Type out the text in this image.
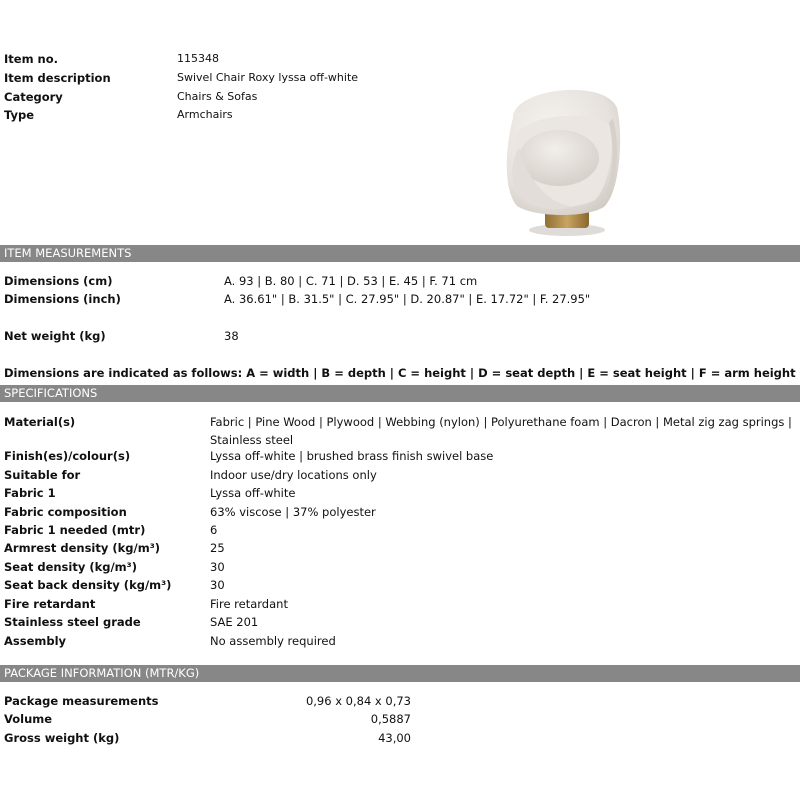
Item no.	115348
Item description	Swivel Chair Roxy lyssa off-white
Category	Chairs & Sofas
Type	Armchairs
ITEM MEASUREMENTS
Dimensions (cm)	A. 93 | B. 80 | C. 71 | D. 53 | E. 45 | F. 71 cm
Dimensions (inch)	A. 36.61" | B. 31.5" | C. 27.95" | D. 20.87" | E. 17.72" | F. 27.95"
Net weight (kg)	38
Dimensions are indicated as follows: A = width | B = depth | C = height | D = seat depth | E = seat height | F = arm height
SPECIFICATIONS
Material(s)	Fabric | Pine Wood | Plywood | Webbing (nylon) | Polyurethane foam | Dacron | Metal zig zag springs |
Stainless steel
Finish(es)/colour(s)	Lyssa off-white | brushed brass finish swivel base
Suitable for	Indoor use/dry locations only
Fabric 1	Lyssa off-white
Fabric composition	63% viscose | 37% polyester
Fabric 1 needed (mtr)	6
Armrest density (kg/m³)	25
Seat density (kg/m³)	30
Seat back density (kg/m³)	30
Fire retardant	Fire retardant
Stainless steel grade	SAE 201
Assembly	No assembly required
PACKAGE INFORMATION (MTR/KG)
Package measurements	0,96 x 0,84 x 0,73
Volume	0,5887
Gross weight (kg)	43,00
